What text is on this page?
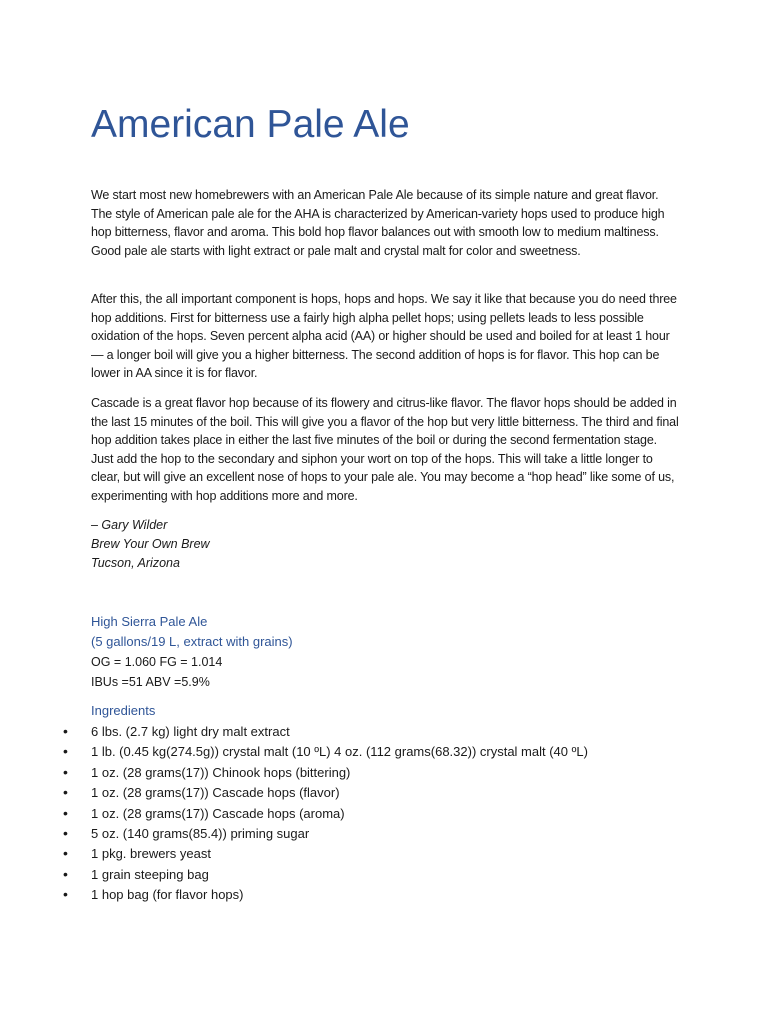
American Pale Ale

We start most new homebrewers with an American Pale Ale because of its simple nature and great flavor. The style of American pale ale for the AHA is characterized by American-variety hops used to produce high hop bitterness, flavor and aroma. This bold hop flavor balances out with smooth low to medium maltiness. Good pale ale starts with light extract or pale malt and crystal malt for color and sweetness.

After this, the all important component is hops, hops and hops. We say it like that because you do need three hop additions. First for bitterness use a fairly high alpha pellet hops; using pellets leads to less possible oxidation of the hops. Seven percent alpha acid (AA) or higher should be used and boiled for at least 1 hour — a longer boil will give you a higher bitterness. The second addition of hops is for flavor. This hop can be lower in AA since it is for flavor.

Cascade is a great flavor hop because of its flowery and citrus-like flavor. The flavor hops should be added in the last 15 minutes of the boil. This will give you a flavor of the hop but very little bitterness. The third and final hop addition takes place in either the last five minutes of the boil or during the second fermentation stage. Just add the hop to the secondary and siphon your wort on top of the hops. This will take a little longer to clear, but will give an excellent nose of hops to your pale ale. You may become a “hop head” like some of us, experimenting with hop additions more and more.

– Gary Wilder
Brew Your Own Brew
Tucson, Arizona
High Sierra Pale Ale
(5 gallons/19 L, extract with grains)
OG = 1.060 FG = 1.014
IBUs =51 ABV =5.9%
Ingredients
• 6 lbs. (2.7 kg) light dry malt extract
• 1 lb. (0.45 kg(274.5g)) crystal malt (10 ºL) 4 oz. (112 grams(68.32)) crystal malt (40 ºL)
• 1 oz. (28 grams(17)) Chinook hops (bittering)
• 1 oz. (28 grams(17)) Cascade hops (flavor)
• 1 oz. (28 grams(17)) Cascade hops (aroma)
• 5 oz. (140 grams(85.4)) priming sugar
• 1 pkg. brewers yeast
• 1 grain steeping bag
• 1 hop bag (for flavor hops)
